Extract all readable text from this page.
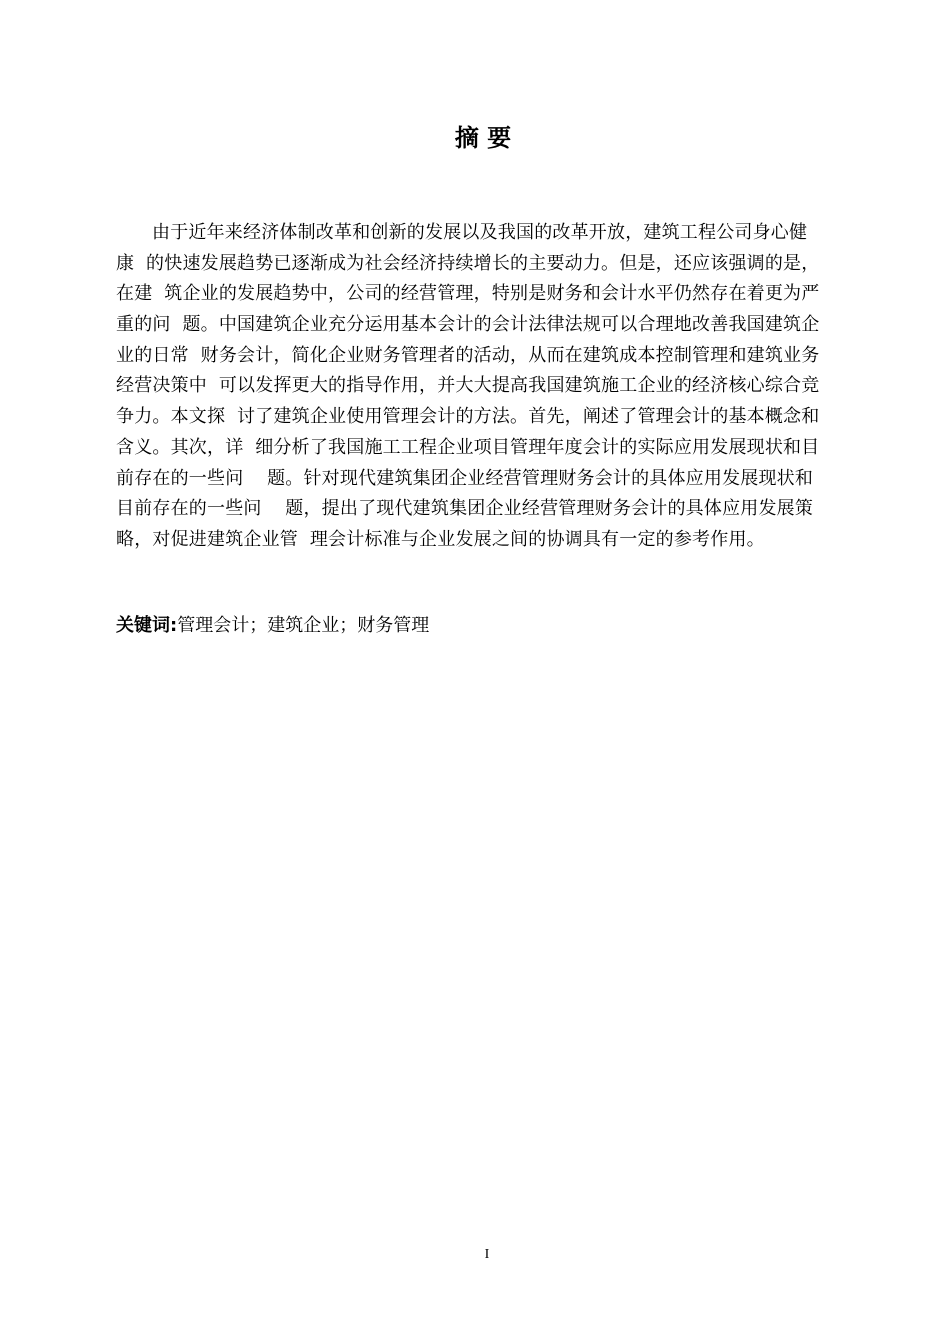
摘 要
由于近年来经济体制改革和创新的发展以及我国的改革开放，建筑工程公司身心健
康  的快速发展趋势已逐渐成为社会经济持续增长的主要动力。但是，还应该强调的是，
在建  筑企业的发展趋势中，公司的经营管理，特别是财务和会计水平仍然存在着更为严
重的问  题。中国建筑企业充分运用基本会计的会计法律法规可以合理地改善我国建筑企
业的日常  财务会计，简化企业财务管理者的活动，从而在建筑成本控制管理和建筑业务
经营决策中  可以发挥更大的指导作用，并大大提高我国建筑施工企业的经济核心综合竞
争力。本文探  讨了建筑企业使用管理会计的方法。首先，阐述了管理会计的基本概念和
含义。其次，详  细分析了我国施工工程企业项目管理年度会计的实际应用发展现状和目
前存在的一些问    题。针对现代建筑集团企业经营管理财务会计的具体应用发展现状和
目前存在的一些问    题，提出了现代建筑集团企业经营管理财务会计的具体应用发展策
略，对促进建筑企业管  理会计标准与企业发展之间的协调具有一定的参考作用。
关键词:管理会计；建筑企业；财务管理
I
